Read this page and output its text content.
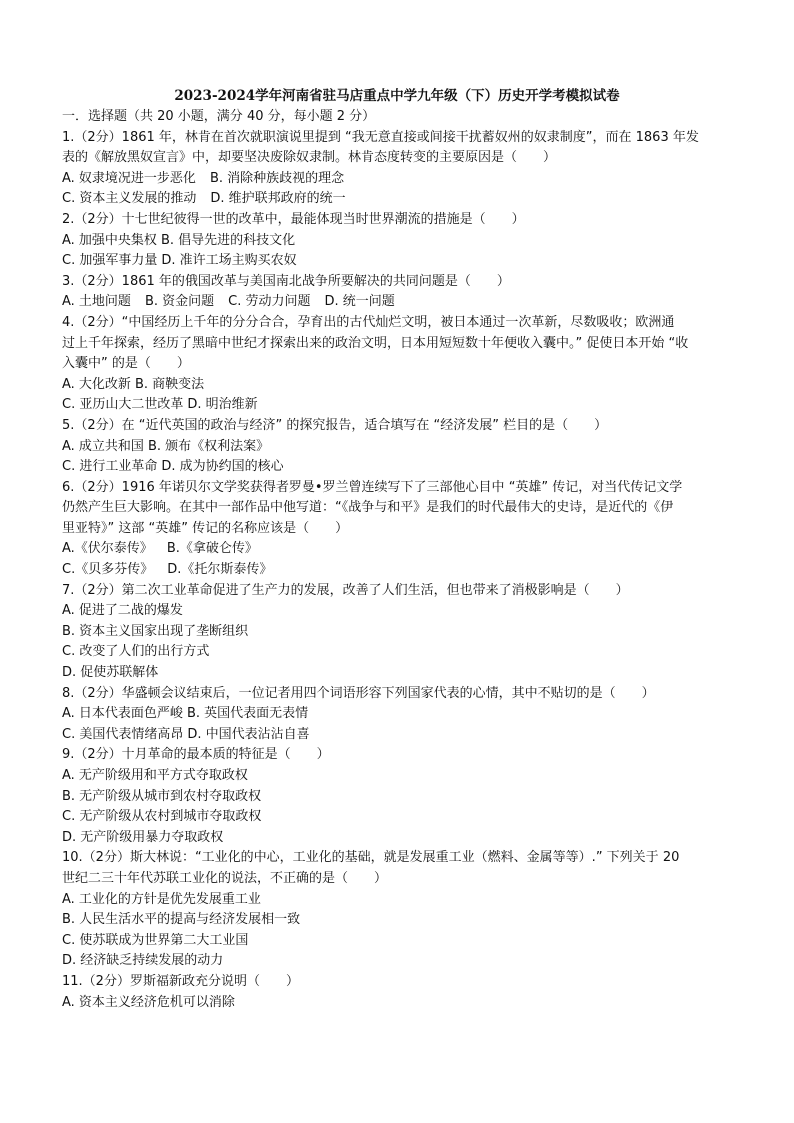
2023-2024学年河南省驻马店重点中学九年级（下）历史开学考模拟试卷
一．选择题（共 20 小题，满分 40 分，每小题 2 分）
1.（2分）1861 年，林肯在首次就职演说里提到 “我无意直接或间接干扰蓄奴州的奴隶制度”，而在 1863 年发
表的《解放黑奴宣言》中，却要坚决废除奴隶制。林肯态度转变的主要原因是（　　）
A. 奴隶境况进一步恶化 B. 消除种族歧视的理念
C. 资本主义发展的推动 D. 维护联邦政府的统一
2.（2分）十七世纪彼得一世的改革中，最能体现当时世界潮流的措施是（　　）
A. 加强中央集权 B. 倡导先进的科技文化
C. 加强军事力量 D. 准许工场主购买农奴
3.（2分）1861 年的俄国改革与美国南北战争所要解决的共同问题是（　　）
A. 土地问题 B. 资金问题 C. 劳动力问题 D. 统一问题
4.（2分）“中国经历上千年的分分合合，孕育出的古代灿烂文明，被日本通过一次革新，尽数吸收；欧洲通
过上千年探索，经历了黑暗中世纪才探索出来的政治文明，日本用短短数十年便收入囊中。” 促使日本开始 “收
入囊中” 的是（　　）
A. 大化改新 B. 商鞅变法
C. 亚历山大二世改革 D. 明治维新
5.（2分）在 “近代英国的政治与经济” 的探究报告，适合填写在 “经济发展” 栏目的是（　　）
A. 成立共和国 B. 颁布《权利法案》
C. 进行工业革命 D. 成为协约国的核心
6.（2分）1916 年诺贝尔文学奖获得者罗曼•罗兰曾连续写下了三部他心目中 “英雄” 传记，对当代传记文学
仍然产生巨大影响。在其中一部作品中他写道：“《战争与和平》是我们的时代最伟大的史诗，是近代的《伊
里亚特》” 这部 “英雄” 传记的名称应该是（　　）
A.《伏尔泰传》 B.《拿破仑传》
C.《贝多芬传》 D.《托尔斯泰传》
7.（2分）第二次工业革命促进了生产力的发展，改善了人们生活，但也带来了消极影响是（　　）
A. 促进了二战的爆发
B. 资本主义国家出现了垄断组织
C. 改变了人们的出行方式
D. 促使苏联解体
8.（2分）华盛顿会议结束后，一位记者用四个词语形容下列国家代表的心情，其中不贴切的是（　　）
A. 日本代表面色严峻 B. 英国代表面无表情
C. 美国代表情绪高昂 D. 中国代表沾沾自喜
9.（2分）十月革命的最本质的特征是（　　）
A. 无产阶级用和平方式夺取政权
B. 无产阶级从城市到农村夺取政权
C. 无产阶级从农村到城市夺取政权
D. 无产阶级用暴力夺取政权
10.（2分）斯大林说：“工业化的中心，工业化的基础，就是发展重工业（燃料、金属等等）.” 下列关于 20
世纪二三十年代苏联工业化的说法，不正确的是（　　）
A. 工业化的方针是优先发展重工业
B. 人民生活水平的提高与经济发展相一致
C. 使苏联成为世界第二大工业国
D. 经济缺乏持续发展的动力
11.（2分）罗斯福新政充分说明（　　）
A. 资本主义经济危机可以消除
